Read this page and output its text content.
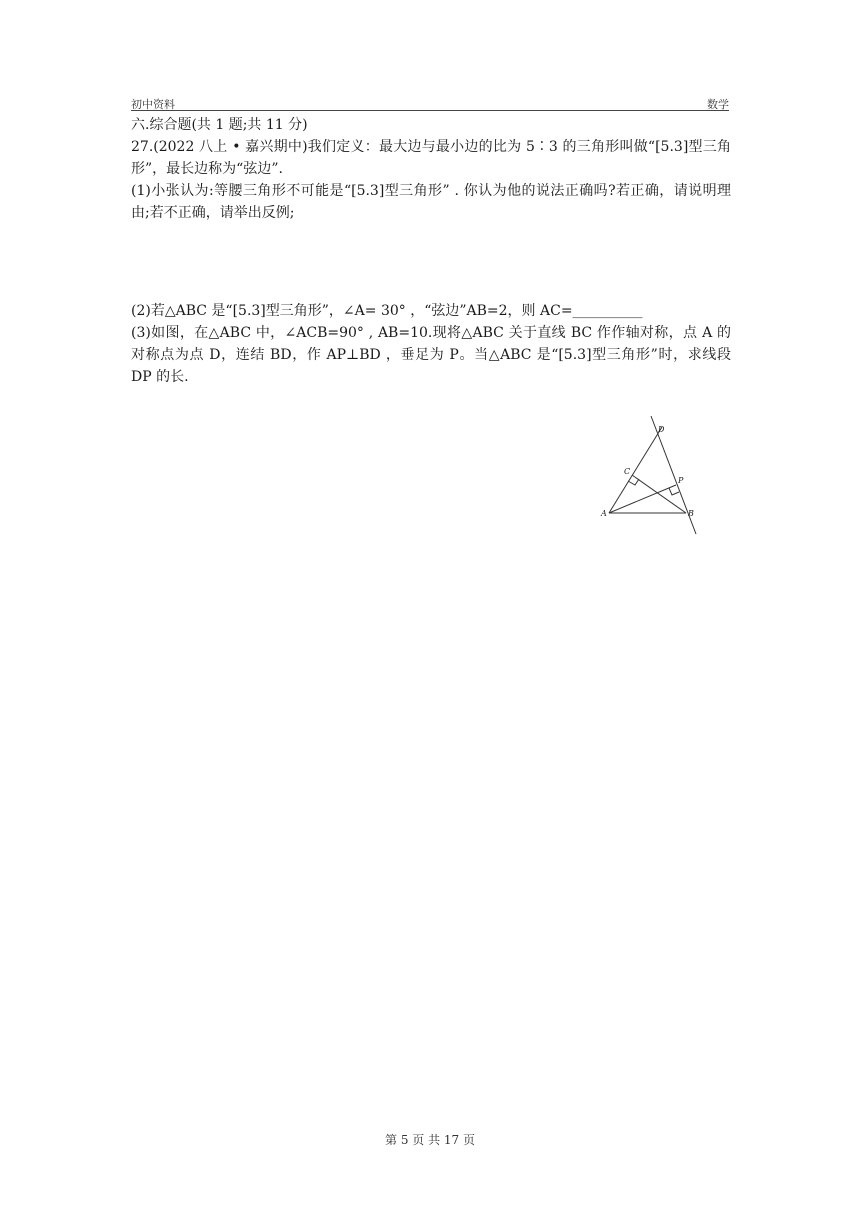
初中资料	数学

六.综合题(共 1 题;共 11 分)

27.(2022 八上 • 嘉兴期中)我们定义：最大边与最小边的比为 5∶3 的三角形叫做“[5.3]型三角形”，最长边称为“弦边”.

(1)小张认为:等腰三角形不可能是“[5.3]型三角形” . 你认为他的说法正确吗?若正确，请说明理由;若不正确，请举出反例;

(2)若△ABC 是“[5.3]型三角形”，∠A= 30° ，“弦边”AB=2，则 AC=__________

(3)如图，在△ABC 中，∠ACB=90° , AB=10.现将△ABC 关于直线 BC 作作轴对称，点 A 的对称点为点 D，连结 BD，作 AP⊥BD ，垂足为 P。当△ABC 是“[5.3]型三角形”时，求线段 DP 的长.

A	B
C
D
P
第 5 页 共 17 页
